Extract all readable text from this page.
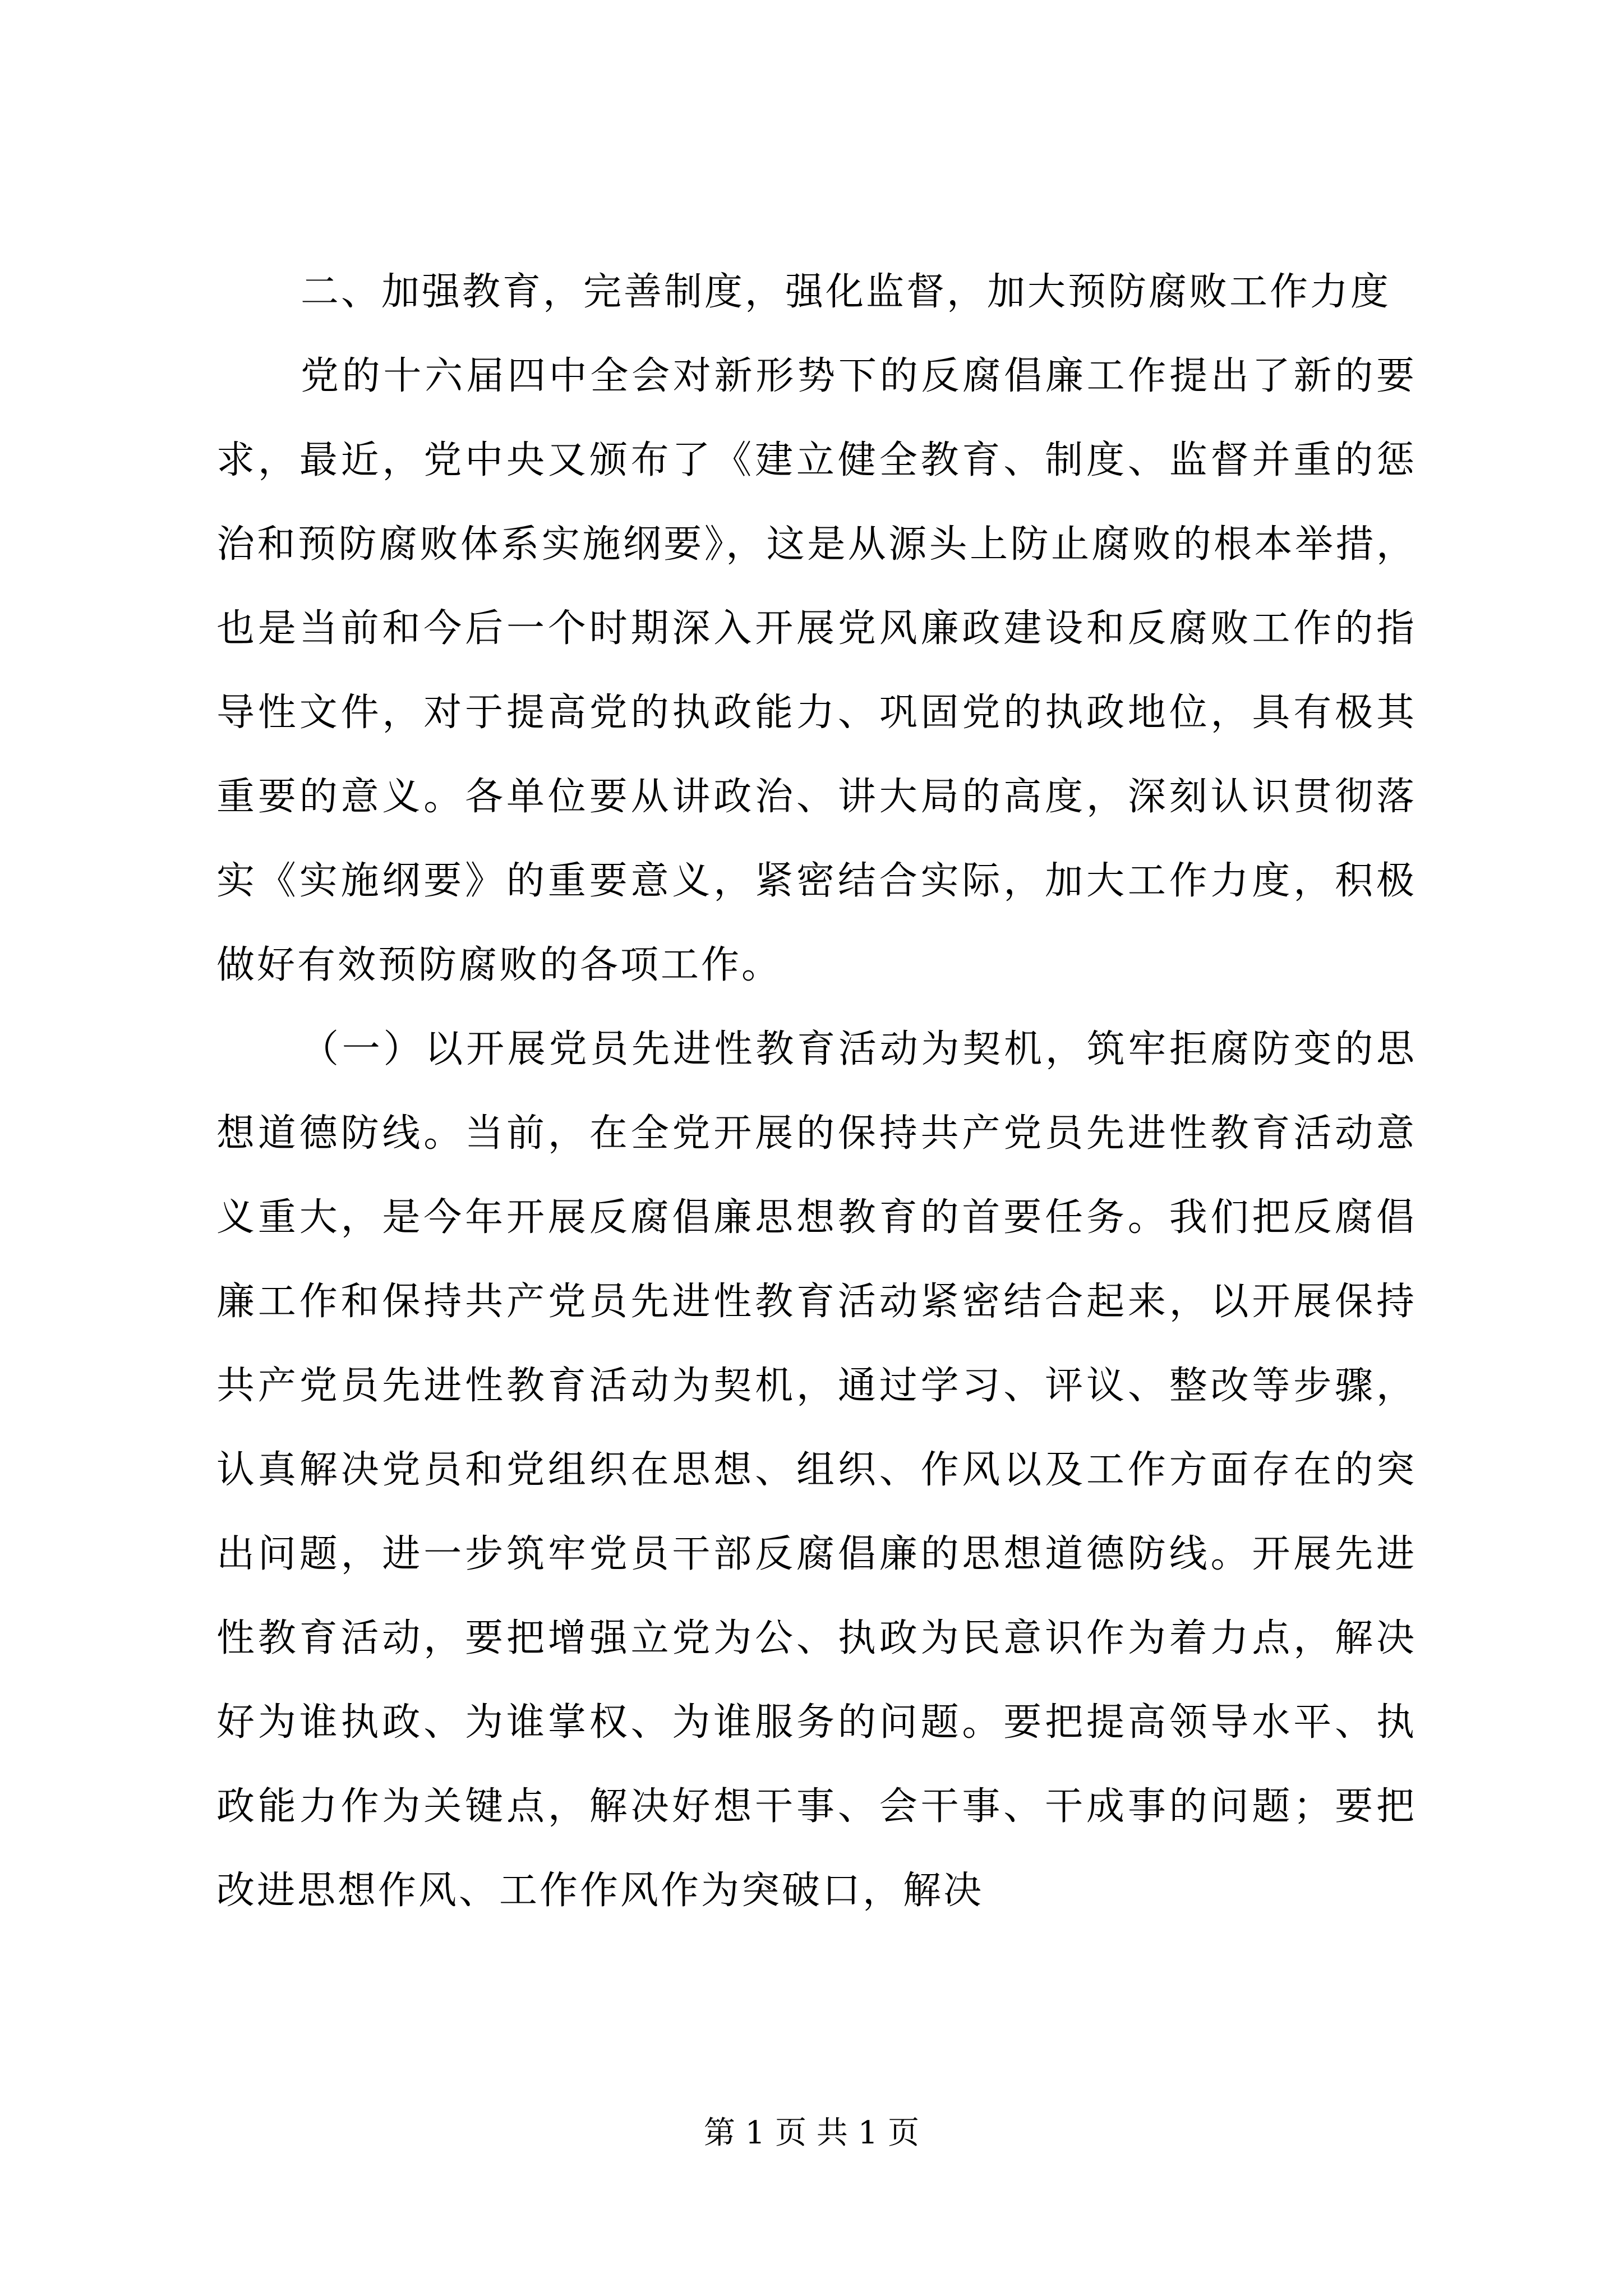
二、加强教育，完善制度，强化监督，加大预防腐败工作力度

党的十六届四中全会对新形势下的反腐倡廉工作提出了新的要求，最近，党中央又颁布了《建立健全教育、制度、监督并重的惩治和预防腐败体系实施纲要》，这是从源头上防止腐败的根本举措，也是当前和今后一个时期深入开展党风廉政建设和反腐败工作的指导性文件，对于提高党的执政能力、巩固党的执政地位，具有极其重要的意义。各单位要从讲政治、讲大局的高度，深刻认识贯彻落实《实施纲要》的重要意义，紧密结合实际，加大工作力度，积极做好有效预防腐败的各项工作。

（一）以开展党员先进性教育活动为契机，筑牢拒腐防变的思想道德防线。当前，在全党开展的保持共产党员先进性教育活动意义重大，是今年开展反腐倡廉思想教育的首要任务。我们把反腐倡廉工作和保持共产党员先进性教育活动紧密结合起来，以开展保持共产党员先进性教育活动为契机，通过学习、评议、整改等步骤，认真解决党员和党组织在思想、组织、作风以及工作方面存在的突出问题，进一步筑牢党员干部反腐倡廉的思想道德防线。开展先进性教育活动，要把增强立党为公、执政为民意识作为着力点，解决好为谁执政、为谁掌权、为谁服务的问题。要把提高领导水平、执政能力作为关键点，解决好想干事、会干事、干成事的问题；要把改进思想作风、工作作风作为突破口，解决

第 1 页 共 1 页
